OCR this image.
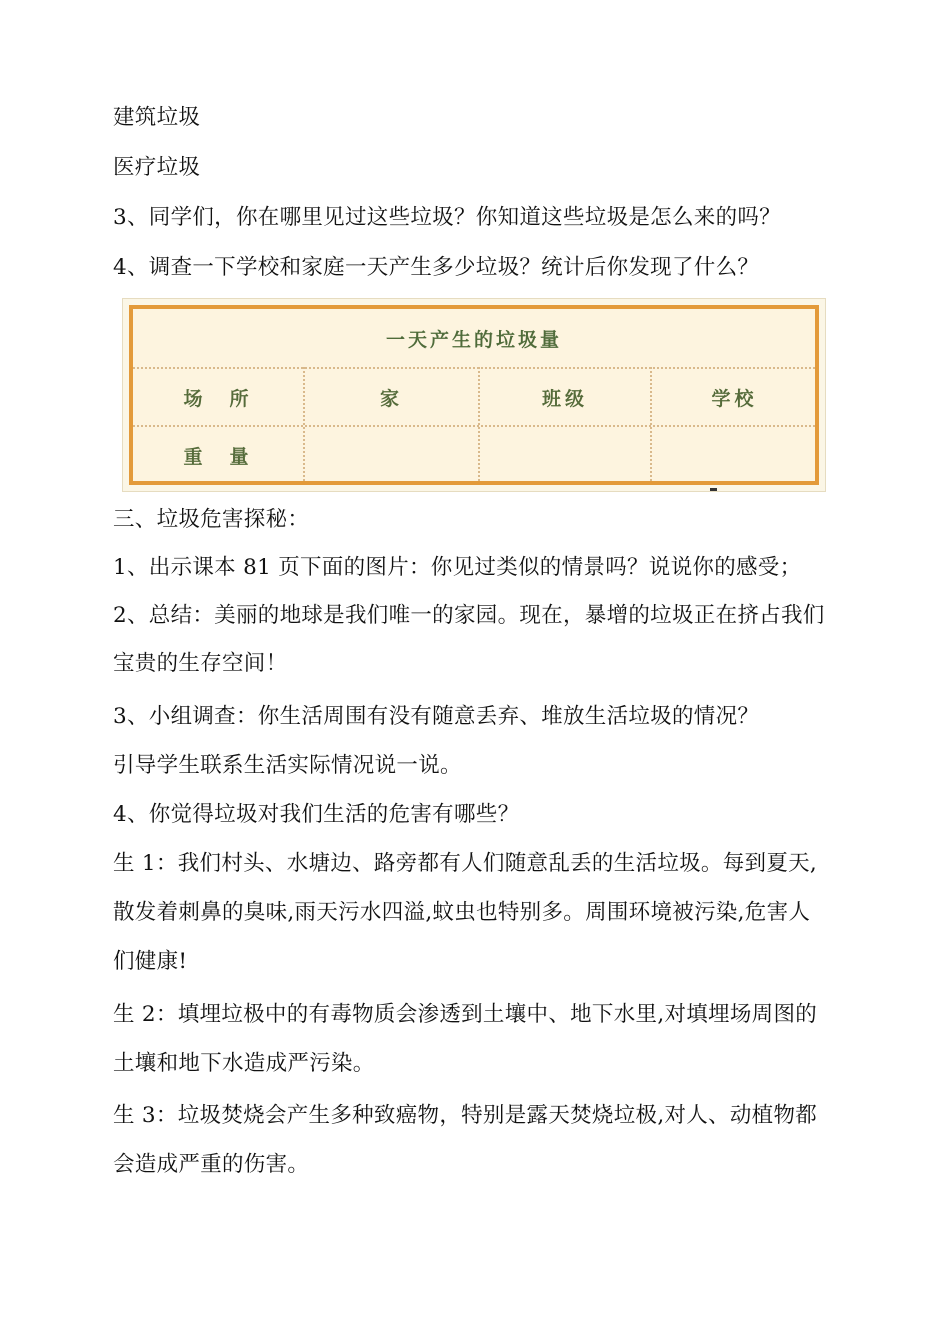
建筑垃圾
医疗垃圾
3、同学们，你在哪里见过这些垃圾？你知道这些垃圾是怎么来的吗？
4、调查一下学校和家庭一天产生多少垃圾？统计后你发现了什么？
一天产生的垃圾量
场　所	家	班级	学校
重　量
三、垃圾危害探秘：
1、出示课本 81 页下面的图片：你见过类似的情景吗？说说你的感受；
2、总结：美丽的地球是我们唯一的家园。现在，暴增的垃圾正在挤占我们
宝贵的生存空间！
3、小组调查：你生活周围有没有随意丢弃、堆放生活垃圾的情况？
引导学生联系生活实际情况说一说。
4、你觉得垃圾对我们生活的危害有哪些？
生 1：我们村头、水塘边、路旁都有人们随意乱丢的生活垃圾。每到夏天,
散发着刺鼻的臭味,雨天污水四溢,蚊虫也特别多。周围环境被污染,危害人
们健康!
生 2：填埋垃极中的有毒物质会渗透到土壤中、地下水里,对填埋场周图的
土壤和地下水造成严污染。
生 3：垃圾焚烧会产生多种致癌物，特别是露天焚烧垃极,对人、动植物都
会造成严重的伤害。
